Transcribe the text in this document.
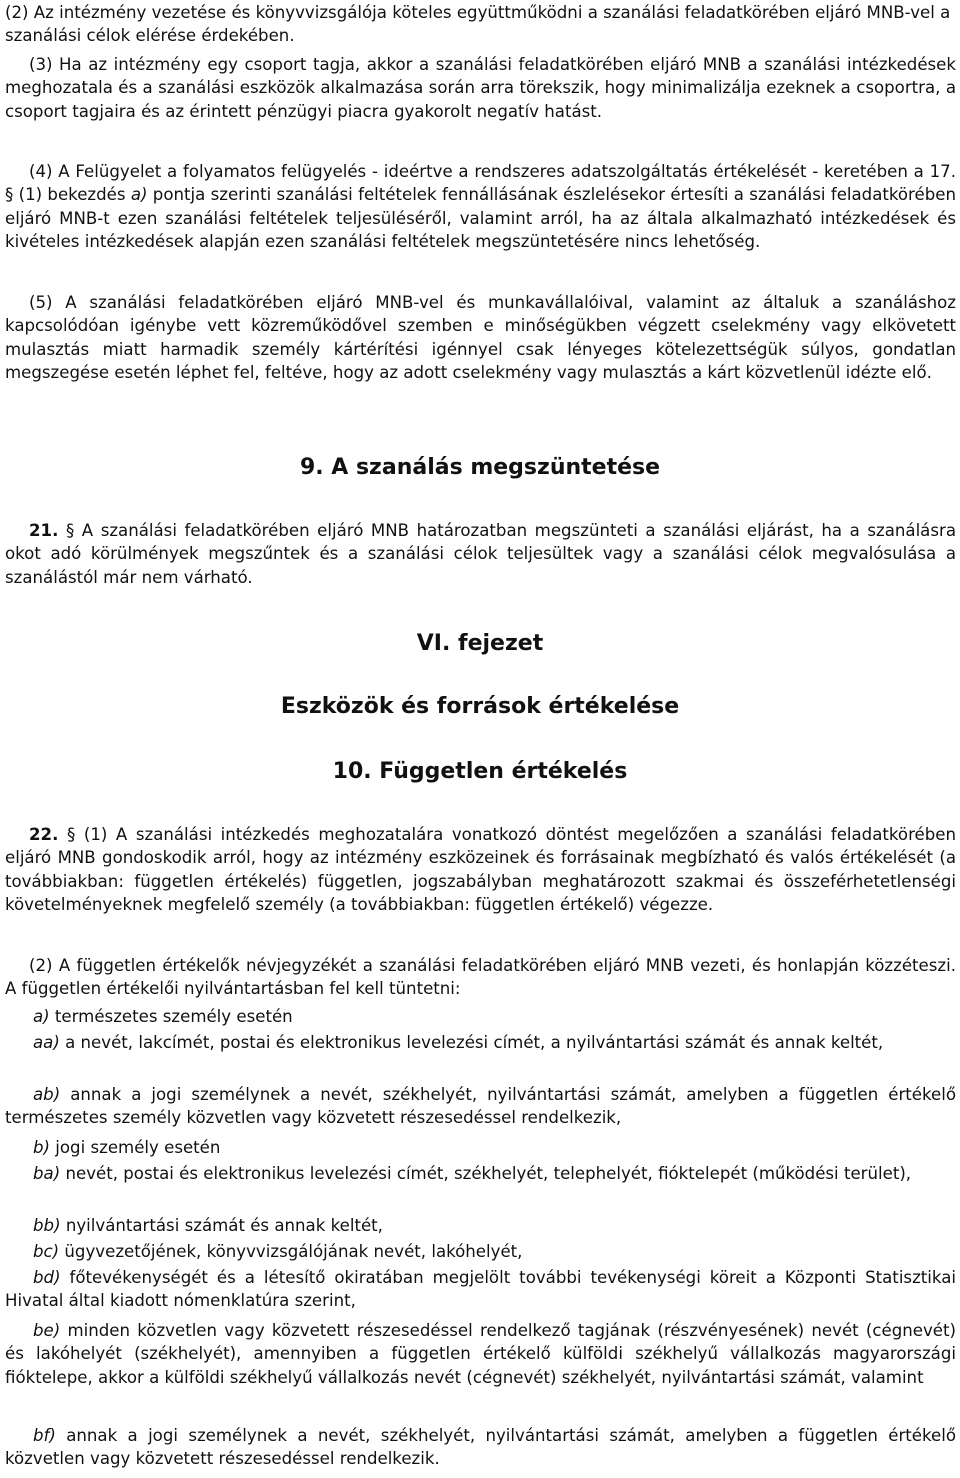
(2) Az intézmény vezetése és könyvvizsgálója köteles együttműködni a szanálási feladatkörében eljáró MNB-vel a szanálási célok elérése érdekében.

(3) Ha az intézmény egy csoport tagja, akkor a szanálási feladatkörében eljáró MNB a szanálási intézkedések meghozatala és a szanálási eszközök alkalmazása során arra törekszik, hogy minimalizálja ezeknek a csoportra, a csoport tagjaira és az érintett pénzügyi piacra gyakorolt negatív hatást.

(4) A Felügyelet a folyamatos felügyelés - ideértve a rendszeres adatszolgáltatás értékelését - keretében a 17. § (1) bekezdés a) pontja szerinti szanálási feltételek fennállásának észlelésekor értesíti a szanálási feladatkörében eljáró MNB-t ezen szanálási feltételek teljesüléséről, valamint arról, ha az általa alkalmazható intézkedések és kivételes intézkedések alapján ezen szanálási feltételek megszüntetésére nincs lehetőség.

(5) A szanálási feladatkörében eljáró MNB-vel és munkavállalóival, valamint az általuk a szanáláshoz kapcsolódóan igénybe vett közreműködővel szemben e minőségükben végzett cselekmény vagy elkövetett mulasztás miatt harmadik személy kártérítési igénnyel csak lényeges kötelezettségük súlyos, gondatlan megszegése esetén léphet fel, feltéve, hogy az adott cselekmény vagy mulasztás a kárt közvetlenül idézte elő.

9. A szanálás megszüntetése

21. § A szanálási feladatkörében eljáró MNB határozatban megszünteti a szanálási eljárást, ha a szanálásra okot adó körülmények megszűntek és a szanálási célok teljesültek vagy a szanálási célok megvalósulása a szanálástól már nem várható.

VI. fejezet
Eszközök és források értékelése
10. Független értékelés

22. § (1) A szanálási intézkedés meghozatalára vonatkozó döntést megelőzően a szanálási feladatkörében eljáró MNB gondoskodik arról, hogy az intézmény eszközeinek és forrásainak megbízható és valós értékelését (a továbbiakban: független értékelés) független, jogszabályban meghatározott szakmai és összeférhetetlenségi követelményeknek megfelelő személy (a továbbiakban: független értékelő) végezze.

(2) A független értékelők névjegyzékét a szanálási feladatkörében eljáró MNB vezeti, és honlapján közzéteszi. A független értékelői nyilvántartásban fel kell tüntetni:

a) természetes személy esetén

aa) a nevét, lakcímét, postai és elektronikus levelezési címét, a nyilvántartási számát és annak keltét,

ab) annak a jogi személynek a nevét, székhelyét, nyilvántartási számát, amelyben a független értékelő természetes személy közvetlen vagy közvetett részesedéssel rendelkezik,

b) jogi személy esetén

ba) nevét, postai és elektronikus levelezési címét, székhelyét, telephelyét, fióktelepét (működési terület),

bb) nyilvántartási számát és annak keltét,

bc) ügyvezetőjének, könyvvizsgálójának nevét, lakóhelyét,

bd) főtevékenységét és a létesítő okiratában megjelölt további tevékenységi köreit a Központi Statisztikai Hivatal által kiadott nómenklatúra szerint,

be) minden közvetlen vagy közvetett részesedéssel rendelkező tagjának (részvényesének) nevét (cégnevét) és lakóhelyét (székhelyét), amennyiben a független értékelő külföldi székhelyű vállalkozás magyarországi fióktelepe, akkor a külföldi székhelyű vállalkozás nevét (cégnevét) székhelyét, nyilvántartási számát, valamint

bf) annak a jogi személynek a nevét, székhelyét, nyilvántartási számát, amelyben a független értékelő közvetlen vagy közvetett részesedéssel rendelkezik.
